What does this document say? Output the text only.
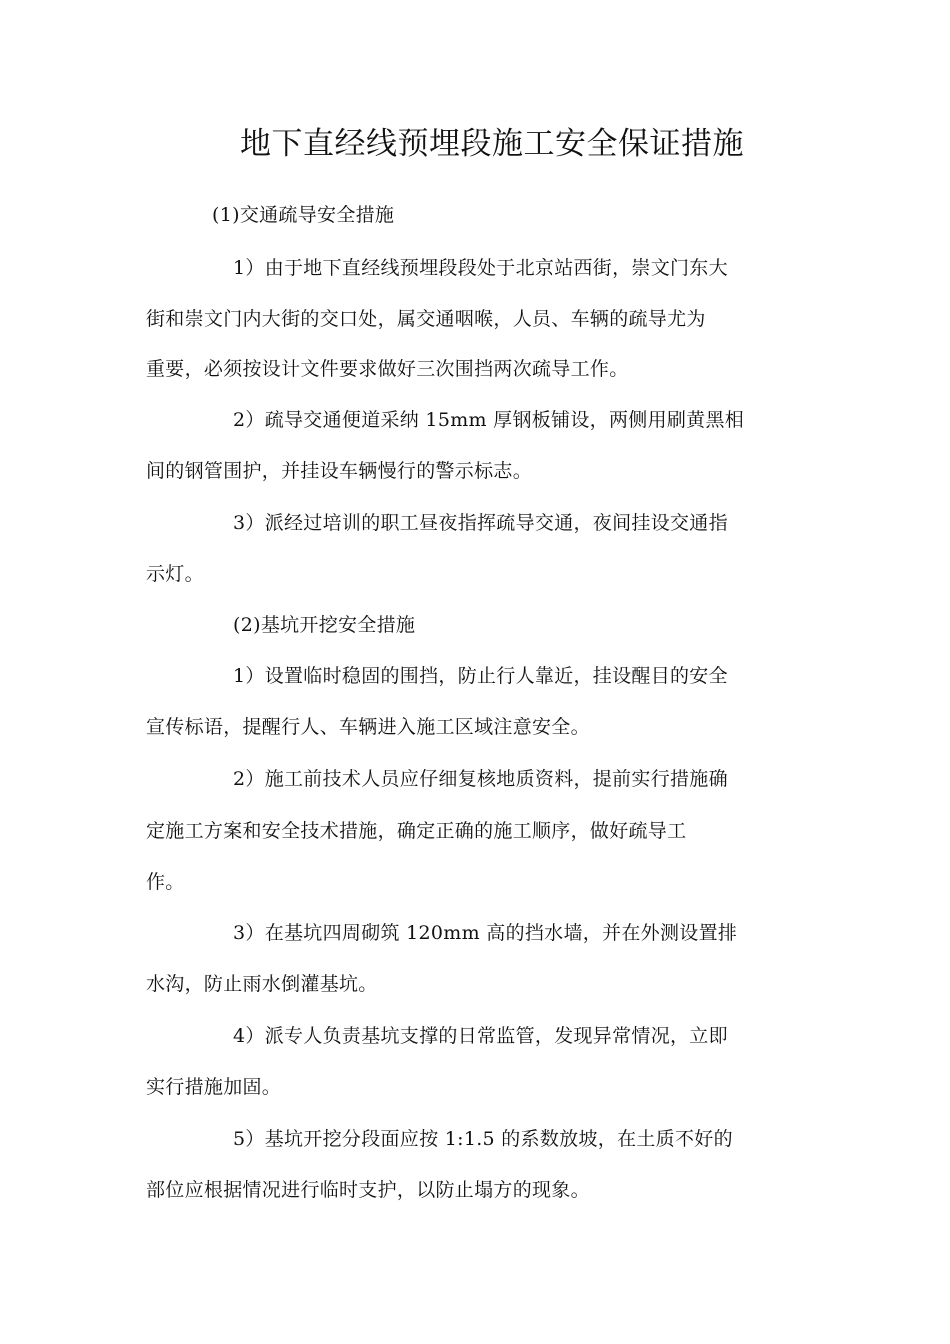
地下直经线预埋段施工安全保证措施
(1)交通疏导安全措施
1）由于地下直经线预埋段段处于北京站西街，崇文门东大
街和崇文门内大街的交口处，属交通咽喉，人员、车辆的疏导尤为
重要，必须按设计文件要求做好三次围挡两次疏导工作。
2）疏导交通便道采纳 15mm 厚钢板铺设，两侧用刷黄黑相
间的钢管围护，并挂设车辆慢行的警示标志。
3）派经过培训的职工昼夜指挥疏导交通，夜间挂设交通指
示灯。
(2)基坑开挖安全措施
1）设置临时稳固的围挡，防止行人靠近，挂设醒目的安全
宣传标语，提醒行人、车辆进入施工区域注意安全。
2）施工前技术人员应仔细复核地质资料，提前实行措施确
定施工方案和安全技术措施，确定正确的施工顺序，做好疏导工
作。
3）在基坑四周砌筑 120mm 高的挡水墙，并在外测设置排
水沟，防止雨水倒灌基坑。
4）派专人负责基坑支撑的日常监管，发现异常情况，立即
实行措施加固。
5）基坑开挖分段面应按 1:1.5 的系数放坡，在土质不好的
部位应根据情况进行临时支护，以防止塌方的现象。
